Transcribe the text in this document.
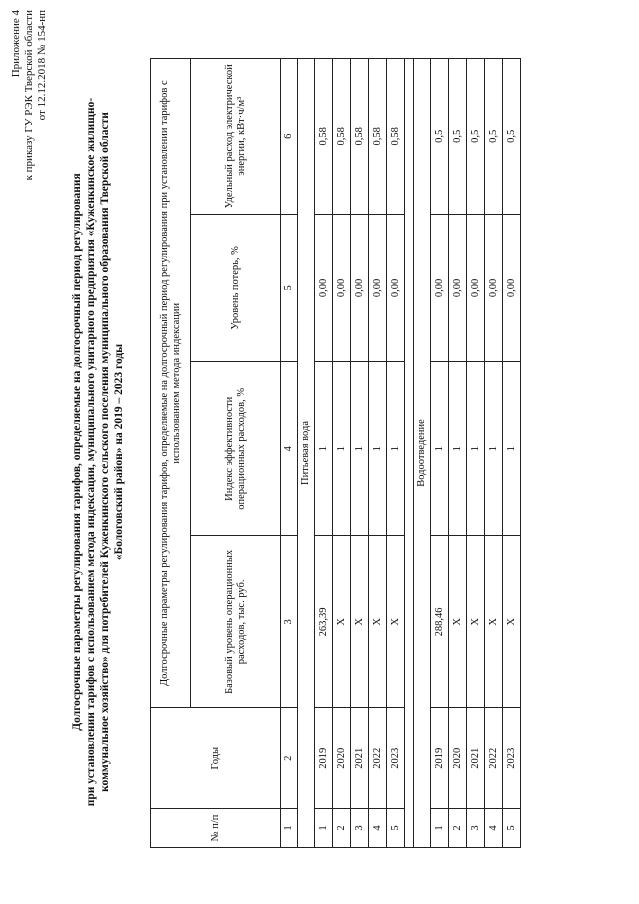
Приложение 4 к приказу ГУ РЭК Тверской области от 12.12.2018 № 154-нп
Долгосрочные параметры регулирования тарифов, определяемые на долгосрочный период регулирования при установлении тарифов с использованием метода индексации, муниципального унитарного предприятия «Куженкинское жилищно- коммунальное хозяйство» для потребителей Куженкинского сельского поселения муниципального образования Тверской области «Бологовский район» на 2019 – 2023 годы
№ п/п	Годы	Долгосрочные параметры регулирования тарифов, определяемые на долгосрочный период регулирования при установлении тарифов с использованием метода индексации			
		Базовый уровень операционных расходов, тыс. руб.	Индекс эффективности операционных расходов, %	Уровень потерь, %	Удельный расход электрической энергии, кВт·ч/м³
1	2	3	4	5	6
Питьевая вода					
1	2019	263,39	1	0,00	0,58
2	2020	Х	1	0,00	0,58
3	2021	Х	1	0,00	0,58
4	2022	Х	1	0,00	0,58
5	2023	Х	1	0,00	0,58

Водоотведение					
1	2019	288,46	1	0,00	0,5
2	2020	Х	1	0,00	0,5
3	2021	Х	1	0,00	0,5
4	2022	Х	1	0,00	0,5
5	2023	Х	1	0,00	0,5
